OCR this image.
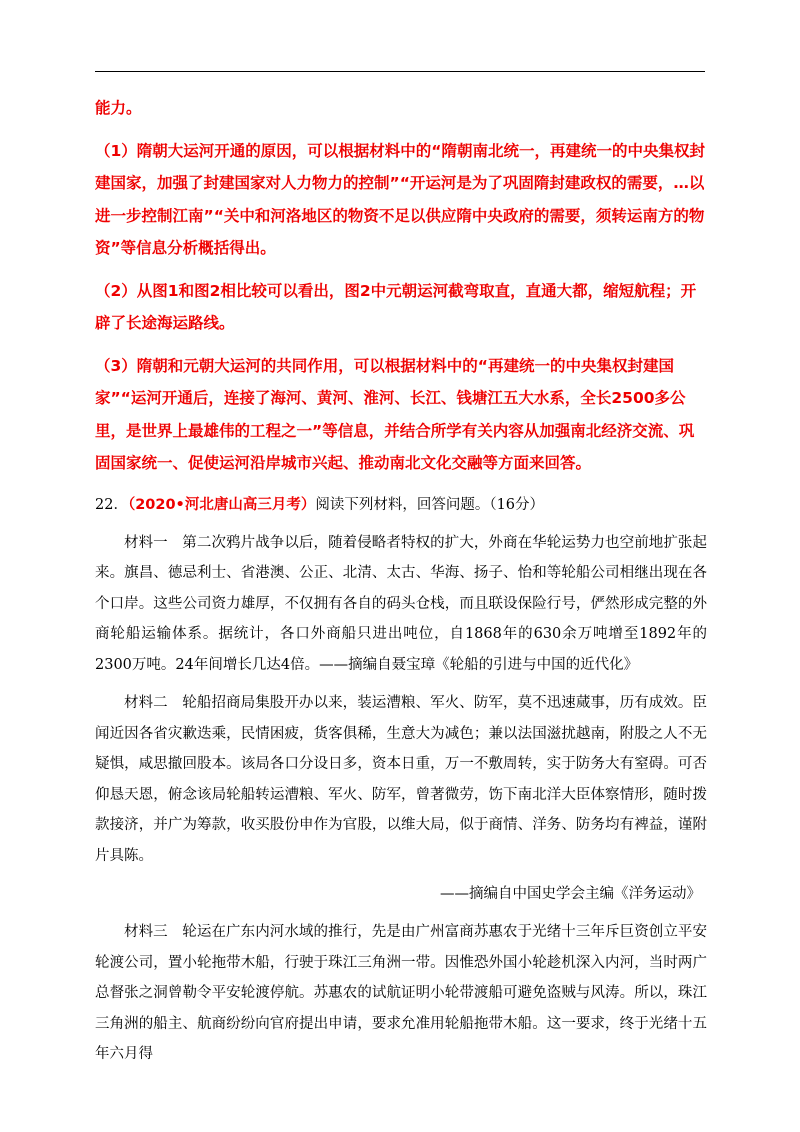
能力。

（1）隋朝大运河开通的原因，可以根据材料中的“隋朝南北统一，再建统一的中央集权封建国家，加强了封建国家对人力物力的控制”“开运河是为了巩固隋封建政权的需要，…以进一步控制江南”“关中和河洛地区的物资不足以供应隋中央政府的需要，须转运南方的物资”等信息分析概括得出。

（2）从图1和图2相比较可以看出，图2中元朝运河截弯取直，直通大都，缩短航程；开辟了长途海运路线。

（3）隋朝和元朝大运河的共同作用，可以根据材料中的“再建统一的中央集权封建国家”“运河开通后，连接了海河、黄河、淮河、长江、钱塘江五大水系，全长2500多公里，是世界上最雄伟的工程之一”等信息，并结合所学有关内容从加强南北经济交流、巩固国家统一、促使运河沿岸城市兴起、推动南北文化交融等方面来回答。

22．（2020•河北唐山高三月考）阅读下列材料，回答问题。（16分）

材料一　第二次鸦片战争以后，随着侵略者特权的扩大，外商在华轮运势力也空前地扩张起来。旗昌、德忌利士、省港澳、公正、北清、太古、华海、扬子、怡和等轮船公司相继出现在各个口岸。这些公司资力雄厚，不仅拥有各自的码头仓栈，而且联设保险行号，俨然形成完整的外商轮船运输体系。据统计，各口外商船只进出吨位，自1868年的630余万吨增至1892年的2300万吨。24年间增长几达4倍。——摘编自聂宝璋《轮船的引进与中国的近代化》

材料二　轮船招商局集股开办以来，装运漕粮、军火、防军，莫不迅速蒇事，历有成效。臣闻近因各省灾歉迭乘，民情困疲，货客俱稀，生意大为减色；兼以法国滋扰越南，附股之人不无疑惧，咸思撤回股本。该局各口分设日多，资本日重，万一不敷周转，实于防务大有窒碍。可否仰恳天恩，俯念该局轮船转运漕粮、军火、防军，曾著微劳，饬下南北洋大臣体察情形，随时拨款接济，并广为筹款，收买股份申作为官股，以维大局，似于商情、洋务、防务均有裨益，谨附片具陈。

——摘编自中国史学会主编《洋务运动》

材料三　轮运在广东内河水域的推行，先是由广州富商苏惠农于光绪十三年斥巨资创立平安轮渡公司，置小轮拖带木船，行驶于珠江三角洲一带。因惟恐外国小轮趁机深入内河，当时两广总督张之洞曾勒令平安轮渡停航。苏惠农的试航证明小轮带渡船可避免盗贼与风涛。所以，珠江三角洲的船主、航商纷纷向官府提出申请，要求允准用轮船拖带木船。这一要求，终于光绪十五年六月得
